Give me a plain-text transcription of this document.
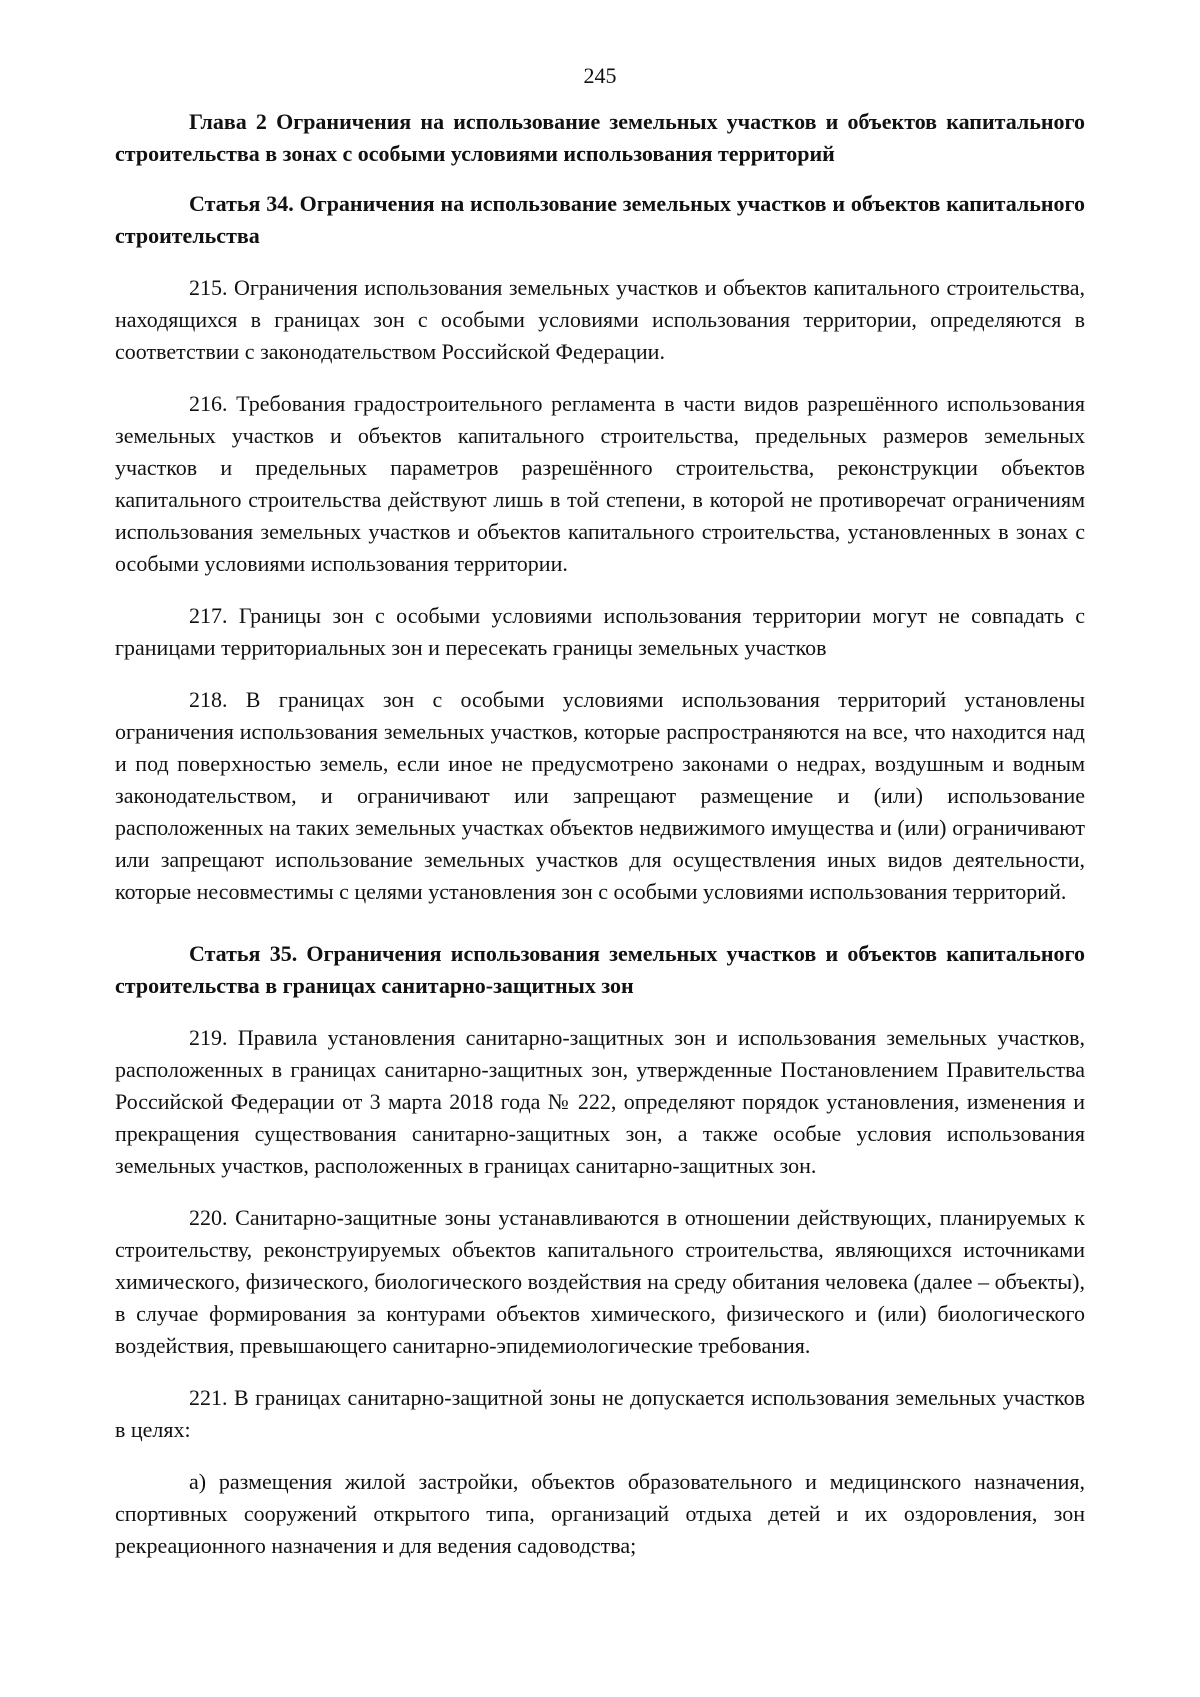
245
Глава 2 Ограничения на использование земельных участков и объектов капитального строительства в зонах с особыми условиями использования территорий
Статья 34. Ограничения на использование земельных участков и объектов капитального строительства
215. Ограничения использования земельных участков и объектов капитального строительства, находящихся в границах зон с особыми условиями использования территории, определяются в соответствии с законодательством Российской Федерации.
216. Требования градостроительного регламента в части видов разрешённого использования земельных участков и объектов капитального строительства, предельных размеров земельных участков и предельных параметров разрешённого строительства, реконструкции объектов капитального строительства действуют лишь в той степени, в которой не противоречат ограничениям использования земельных участков и объектов капитального строительства, установленных в зонах с особыми условиями использования территории.
217. Границы зон с особыми условиями использования территории могут не совпадать с границами территориальных зон и пересекать границы земельных участков
218. В границах зон с особыми условиями использования территорий установлены ограничения использования земельных участков, которые распространяются на все, что находится над и под поверхностью земель, если иное не предусмотрено законами о недрах, воздушным и водным законодательством, и ограничивают или запрещают размещение и (или) использование расположенных на таких земельных участках объектов недвижимого имущества и (или) ограничивают или запрещают использование земельных участков для осуществления иных видов деятельности, которые несовместимы с целями установления зон с особыми условиями использования территорий.
Статья 35. Ограничения использования земельных участков и объектов капитального строительства в границах санитарно-защитных зон
219. Правила установления санитарно-защитных зон и использования земельных участков, расположенных в границах санитарно-защитных зон, утвержденные Постановлением Правительства Российской Федерации от 3 марта 2018 года № 222, определяют порядок установления, изменения и прекращения существования санитарно-защитных зон, а также особые условия использования земельных участков, расположенных в границах санитарно-защитных зон.
220. Санитарно-защитные зоны устанавливаются в отношении действующих, планируемых к строительству, реконструируемых объектов капитального строительства, являющихся источниками химического, физического, биологического воздействия на среду обитания человека (далее – объекты), в случае формирования за контурами объектов химического, физического и (или) биологического воздействия, превышающего санитарно-эпидемиологические требования.
221. В границах санитарно-защитной зоны не допускается использования земельных участков в целях:
а) размещения жилой застройки, объектов образовательного и медицинского назначения, спортивных сооружений открытого типа, организаций отдыха детей и их оздоровления, зон рекреационного назначения и для ведения садоводства;
